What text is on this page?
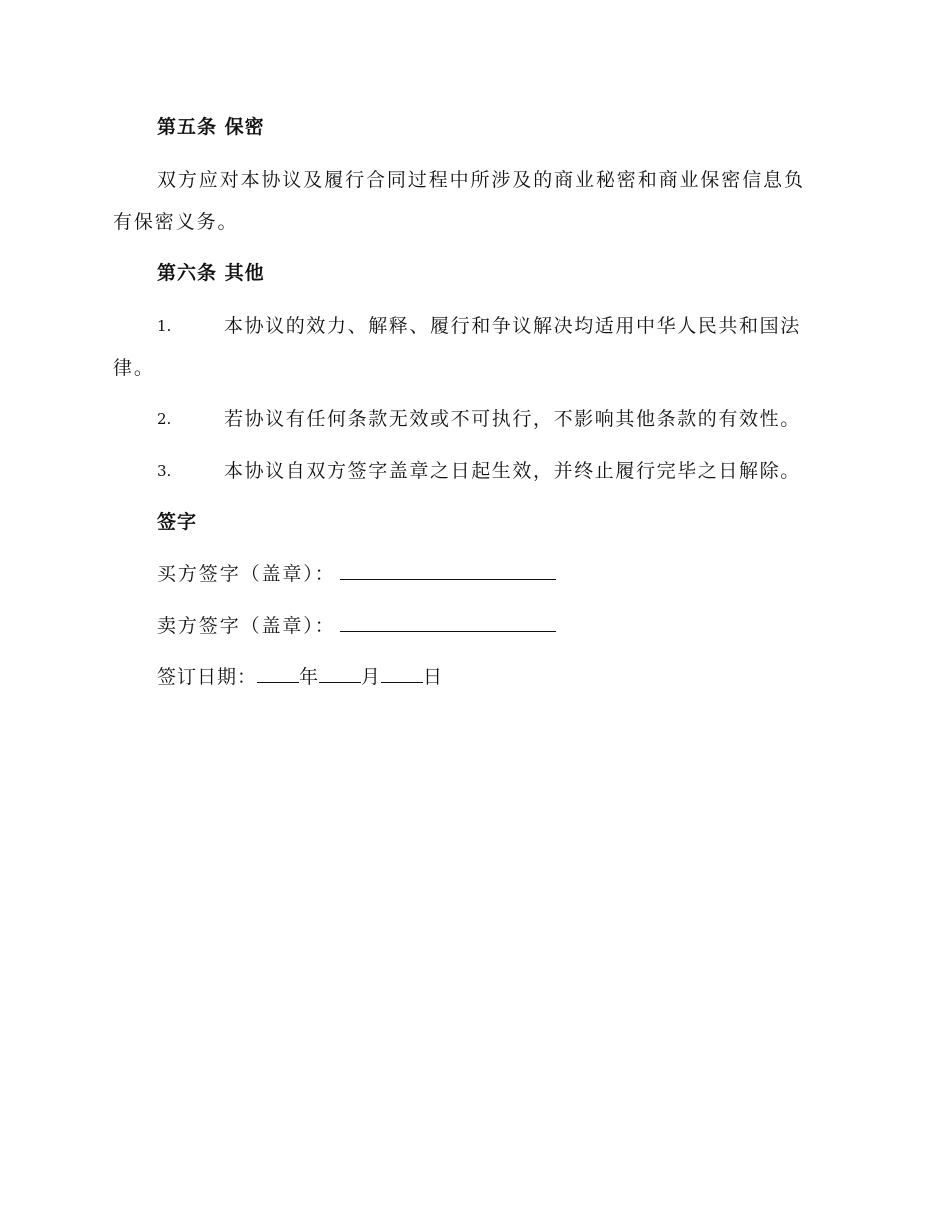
第五条 保密
双方应对本协议及履行合同过程中所涉及的商业秘密和商业保密信息负
有保密义务。
第六条 其他
1.	本协议的效力、解释、履行和争议解决均适用中华人民共和国法
律。
2.	若协议有任何条款无效或不可执行，不影响其他条款的有效性。
3.	本协议自双方签字盖章之日起生效，并终止履行完毕之日解除。
签字
买方签字（盖章）：
卖方签字（盖章）：
签订日期： 年 月 日
